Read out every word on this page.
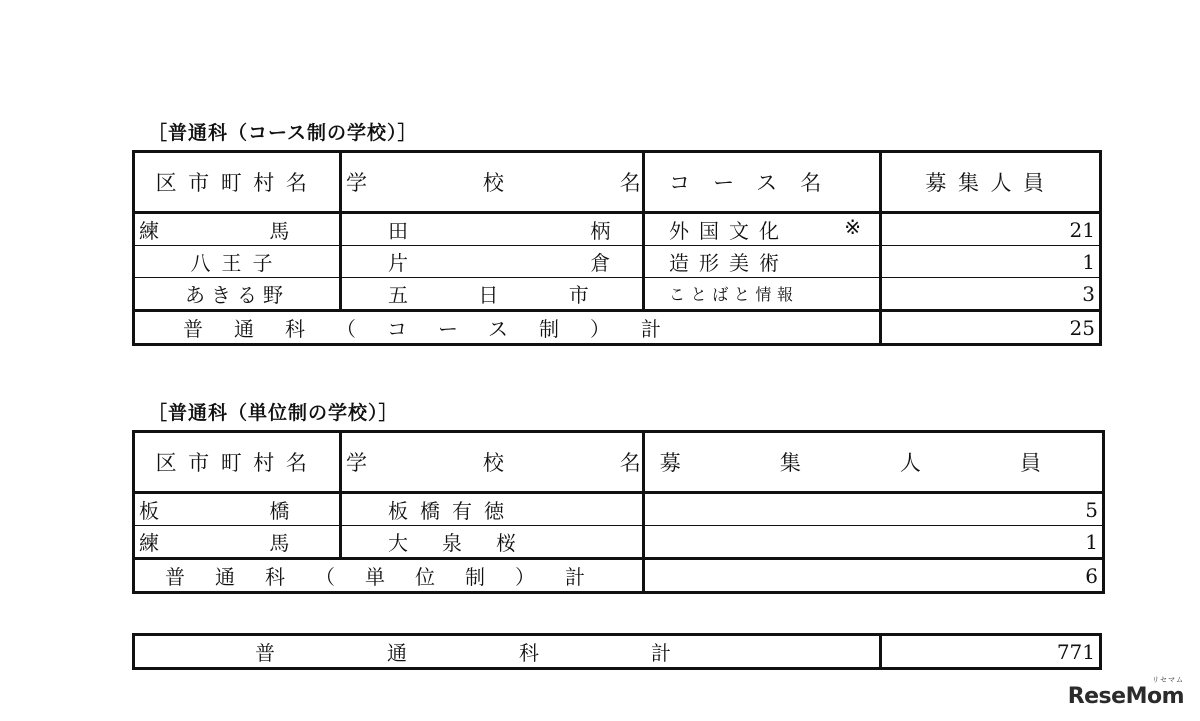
［普通科（コース制の学校）］
区市町村名	学 校 名	コース名	募集人員
練 馬	田 柄	外国文化 ※	21
八王子	片 倉	造形美術	1
あきる野	五 日 市	ことばと情報	3
普通科（コース制）計			25
［普通科（単位制の学校）］
区市町村名	学 校 名	募 集 人 員
板 橋	板橋有徳	5
練 馬	大泉桜	1
普通科（単位制）計		6
普通科計	771
ReseMom
リセマム
